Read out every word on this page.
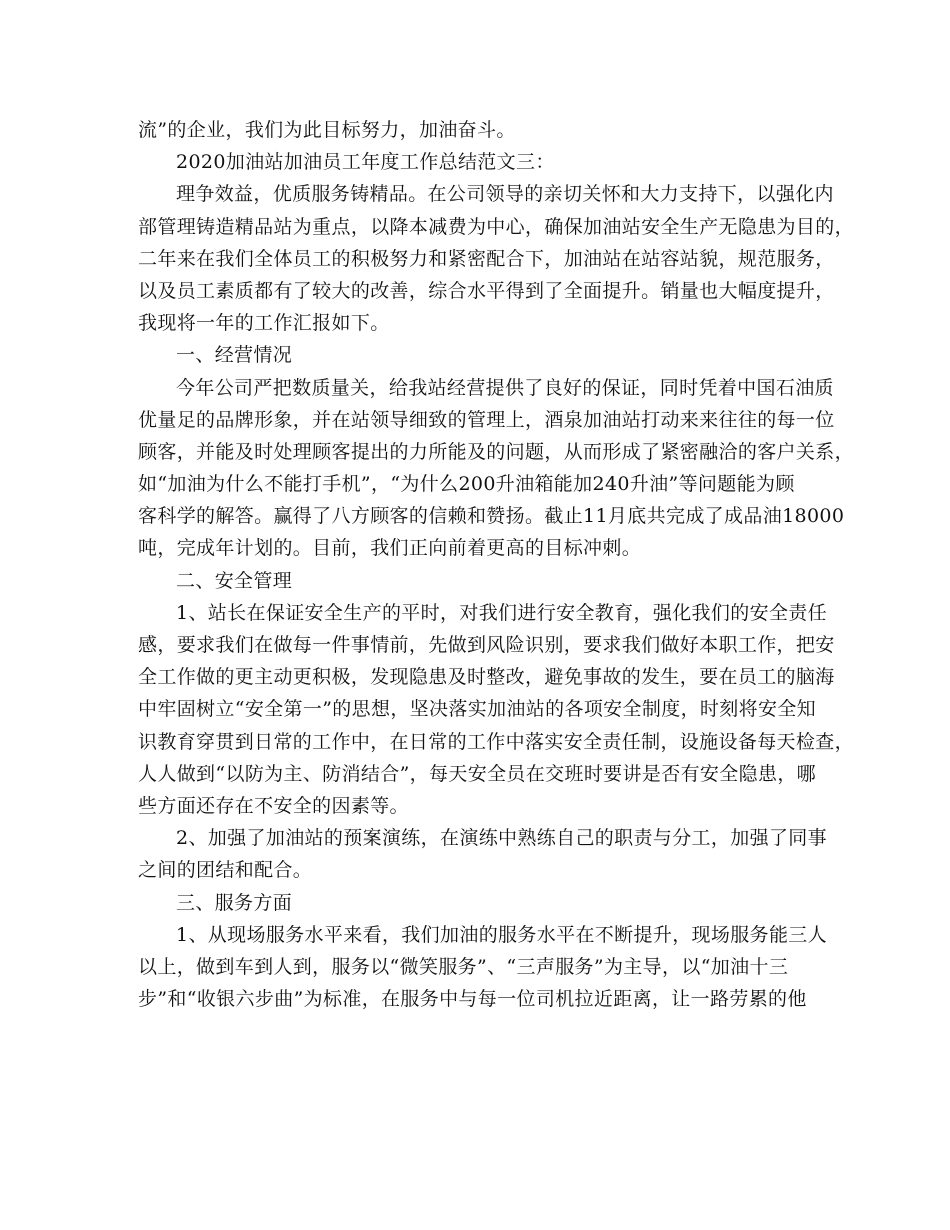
流”的企业，我们为此目标努力，加油奋斗。
2020加油站加油员工年度工作总结范文三：
理争效益，优质服务铸精品。在公司领导的亲切关怀和大力支持下，以强化内
部管理铸造精品站为重点，以降本减费为中心，确保加油站安全生产无隐患为目的，
二年来在我们全体员工的积极努力和紧密配合下，加油站在站容站貌，规范服务，
以及员工素质都有了较大的改善，综合水平得到了全面提升。销量也大幅度提升，
我现将一年的工作汇报如下。
一、经营情况
今年公司严把数质量关，给我站经营提供了良好的保证，同时凭着中国石油质
优量足的品牌形象，并在站领导细致的管理上，酒泉加油站打动来来往往的每一位
顾客，并能及时处理顾客提出的力所能及的问题，从而形成了紧密融洽的客户关系，
如“加油为什么不能打手机”，“为什么200升油箱能加240升油”等问题能为顾
客科学的解答。赢得了八方顾客的信赖和赞扬。截止11月底共完成了成品油18000
吨，完成年计划的。目前，我们正向前着更高的目标冲刺。
二、安全管理
1、站长在保证安全生产的平时，对我们进行安全教育，强化我们的安全责任
感，要求我们在做每一件事情前，先做到风险识别，要求我们做好本职工作，把安
全工作做的更主动更积极，发现隐患及时整改，避免事故的发生，要在员工的脑海
中牢固树立“安全第一”的思想，坚决落实加油站的各项安全制度，时刻将安全知
识教育穿贯到日常的工作中，在日常的工作中落实安全责任制，设施设备每天检查，
人人做到“以防为主、防消结合”，每天安全员在交班时要讲是否有安全隐患，哪
些方面还存在不安全的因素等。
2、加强了加油站的预案演练，在演练中熟练自己的职责与分工，加强了同事
之间的团结和配合。
三、服务方面
1、从现场服务水平来看，我们加油的服务水平在不断提升，现场服务能三人
以上，做到车到人到，服务以“微笑服务”、“三声服务”为主导，以“加油十三
步”和“收银六步曲”为标准，在服务中与每一位司机拉近距离，让一路劳累的他
